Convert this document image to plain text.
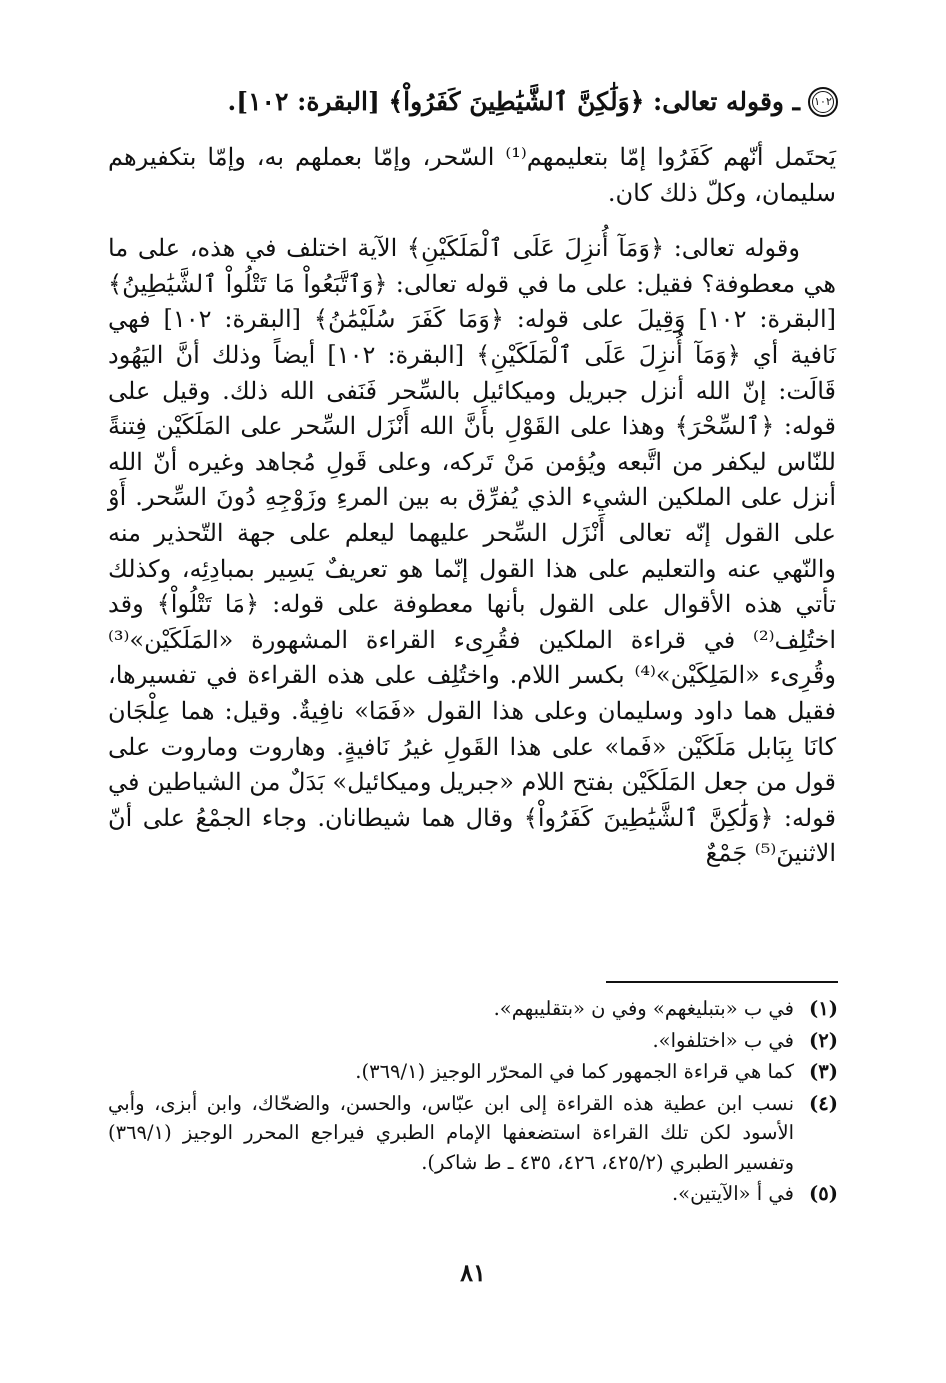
١٠٢
ـ وقوله تعالى: ﴿وَلَٰكِنَّ ٱلشَّيَٰطِينَ كَفَرُواْ﴾ [البقرة: ١٠٢].

يَحتَمل أنّهم كَفَرُوا إمّا بتعليمهم⁽¹⁾ السّحر، وإمّا بعملهم به، وإمّا بتكفيرهم سليمان، وكلّ ذلك كان.

وقوله تعالى: ﴿وَمَآ أُنزِلَ عَلَى ٱلْمَلَكَيْنِ﴾ الآية اختلف في هذه، على ما هي معطوفة؟ فقيل: على ما في قوله تعالى: ﴿وَٱتَّبَعُواْ مَا تَتْلُواْ ٱلشَّيَٰطِينُ﴾ [البقرة: ١٠٢] وَقِيلَ على قوله: ﴿وَمَا كَفَرَ سُلَيْمَٰنُ﴾ [البقرة: ١٠٢] فهي نَافية أي ﴿وَمَآ أُنزِلَ عَلَى ٱلْمَلَكَيْنِ﴾ [البقرة: ١٠٢] أيضاً وذلك أنَّ اليَهُود قَالَت: إنّ الله أنزل جبريل وميكائيل بالسِّحر فَنَفى الله ذلك. وقيل على قوله: ﴿ٱلسِّحْرَ﴾ وهذا على القَوْلِ بأَنَّ الله أَنْزَل السِّحر على المَلَكَيْن فِتنةً للنّاس ليكفر من اتَّبعه ويُؤمن مَنْ تَركه، وعلى قَولِ مُجاهد وغيره أنّ الله أنزل على الملكين الشيء الذي يُفرِّق به بين المرءِ وزَوْجِهِ دُونَ السِّحر. أَوْ على القول إنّه تعالى أَنْزَل السِّحر عليهما ليعلم على جهة التّحذير منه والنّهي عنه والتعليم على هذا القول إنّما هو تعريفٌ يَسِير بمبادِئِه، وكذلك تأتي هذه الأقوال على القول بأنها معطوفة على قوله: ﴿مَا تَتْلُواْ﴾ وقد اختُلِف⁽²⁾ في قراءة الملكين فقُرِىء القراءة المشهورة «المَلَكَيْن»⁽³⁾ وقُرِىء «المَلِكَيْن»⁽⁴⁾ بكسر اللام. واختُلِف على هذه القراءة في تفسيرها، فقيل هما داود وسليمان وعلى هذا القول «فَمَا» نافِيةٌ. وقيل: هما عِلْجَان كانَا بِبَابل مَلَكَيْن «فَما» على هذا القَولِ غيرُ نَافيةٍ. وهاروت وماروت على قول من جعل المَلَكَيْن بفتح اللام «جبريل وميكائيل» بَدَلٌ من الشياطين في قوله: ﴿وَلَٰكِنَّ ٱلشَّيَٰطِينَ كَفَرُواْ﴾ وقال هما شيطانان. وجاء الجمْعُ على أنّ الاثنينَ⁽⁵⁾ جَمْعٌ

(١)
في ب «بتبليغهم» وفي ن «بتقليبهم».
(٢)
في ب «اختلفوا».
(٣)
كما هي قراءة الجمهور كما في المحرّر الوجيز (٣٦٩/١).
(٤)
نسب ابن عطية هذه القراءة إلى ابن عبّاس، والحسن، والضحّاك، وابن أبزى، وأبي الأسود لكن تلك القراءة استضعفها الإمام الطبري فيراجع المحرر الوجيز (٣٦٩/١) وتفسير الطبري (٤٢٥/٢، ٤٢٦، ٤٣٥ ـ ط شاكر).
(٥)
في أ «الآيتين».
٨١
